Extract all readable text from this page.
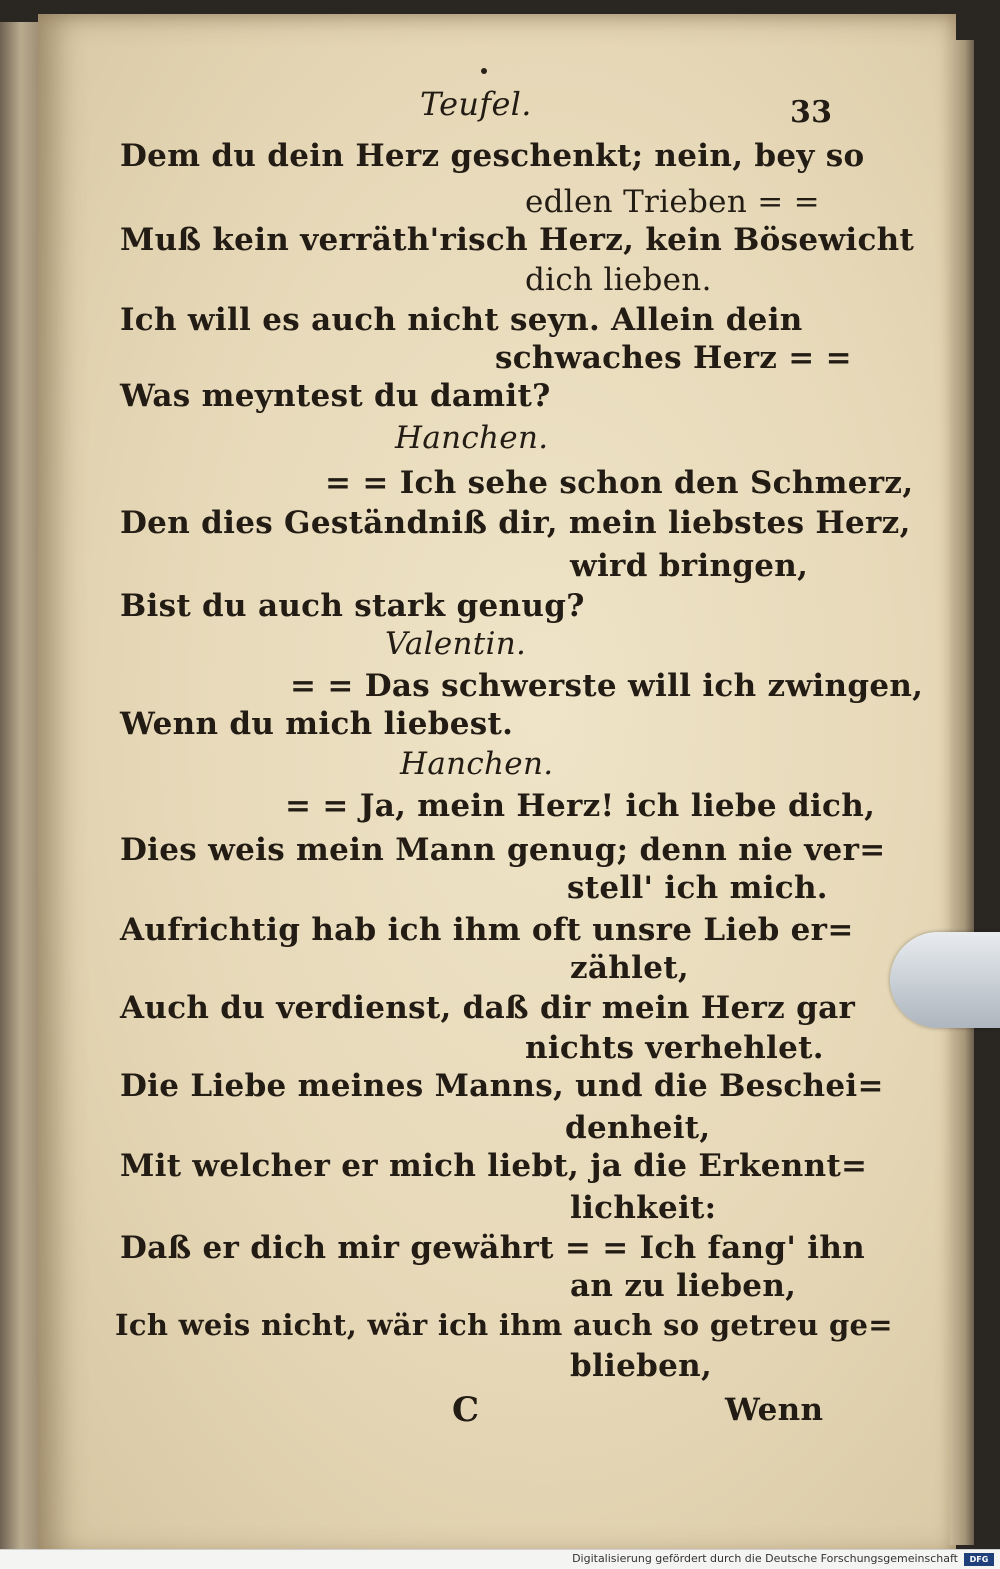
Teufel.	33
Dem du dein Herz geschenkt; nein, bey so
edlen Trieben = =
Muß kein verräth'risch Herz, kein Bösewicht
dich lieben.
Ich will es auch nicht seyn. Allein dein
schwaches Herz = =
Was meyntest du damit?
Hanchen.
= = Ich sehe schon den Schmerz,
Den dies Geständniß dir, mein liebstes Herz,
wird bringen,
Bist du auch stark genug?
Valentin.
= = Das schwerste will ich zwingen,
Wenn du mich liebest.
Hanchen.
= = Ja, mein Herz! ich liebe dich,
Dies weis mein Mann genug; denn nie ver=
stell' ich mich.
Aufrichtig hab ich ihm oft unsre Lieb er=
zählet,
Auch du verdienst, daß dir mein Herz gar
nichts verhehlet.
Die Liebe meines Manns, und die Beschei=
denheit,
Mit welcher er mich liebt, ja die Erkennt=
lichkeit:
Daß er dich mir gewährt = = Ich fang' ihn
an zu lieben,
Ich weis nicht, wär ich ihm auch so getreu ge=
blieben,
C	Wenn
Digitalisierung gefördert durch die Deutsche Forschungsgemeinschaft	DFG
